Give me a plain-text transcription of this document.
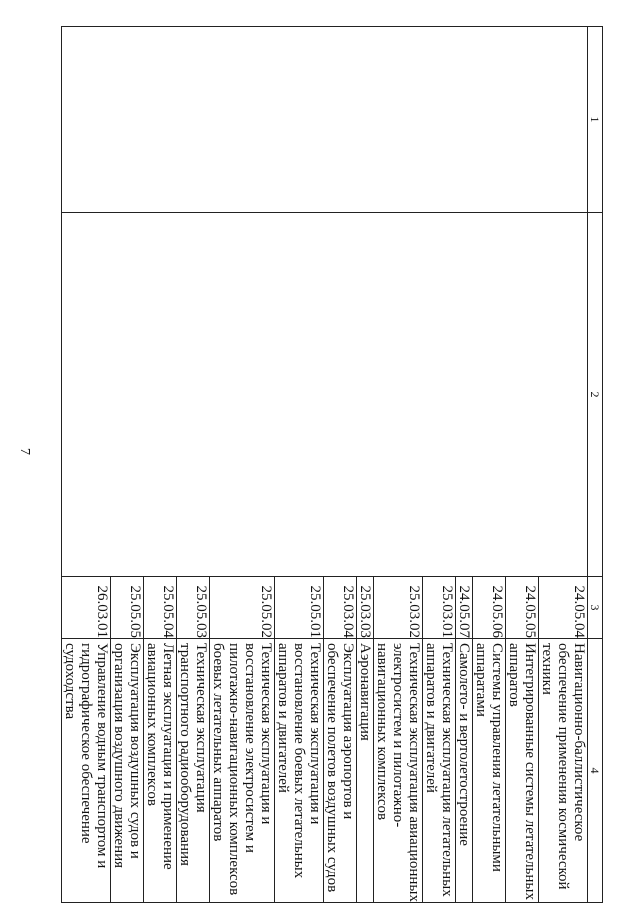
7
1	2	3	4
		24.05.04	Навигационно-баллистическое обеспечение применения космической техники
		24.05.05	Интегрированные системы летательных аппаратов
		24.05.06	Системы управления летательными аппаратами
		24.05.07	Самолето- и вертолетостроение
		25.03.01	Техническая эксплуатация летательных аппаратов и двигателей
		25.03.02	Техническая эксплуатация авиационных электросистем и пилотажно-навигационных комплексов
		25.03.03	Аэронавигация
		25.03.04	Эксплуатация аэропортов и обеспечение полетов воздушных судов
		25.05.01	Техническая эксплуатация и восстановление боевых летательных аппаратов и двигателей
		25.05.02	Техническая эксплуатация и восстановление электросистем и пилотажно-навигационных комплексов боевых летательных аппаратов
		25.05.03	Техническая эксплуатация транспортного радиооборудования
		25.05.04	Летная эксплуатация и применение авиационных комплексов
		25.05.05	Эксплуатация воздушных судов и организация воздушного движения
		26.03.01	Управление водным транспортом и гидрографическое обеспечение судоходства
